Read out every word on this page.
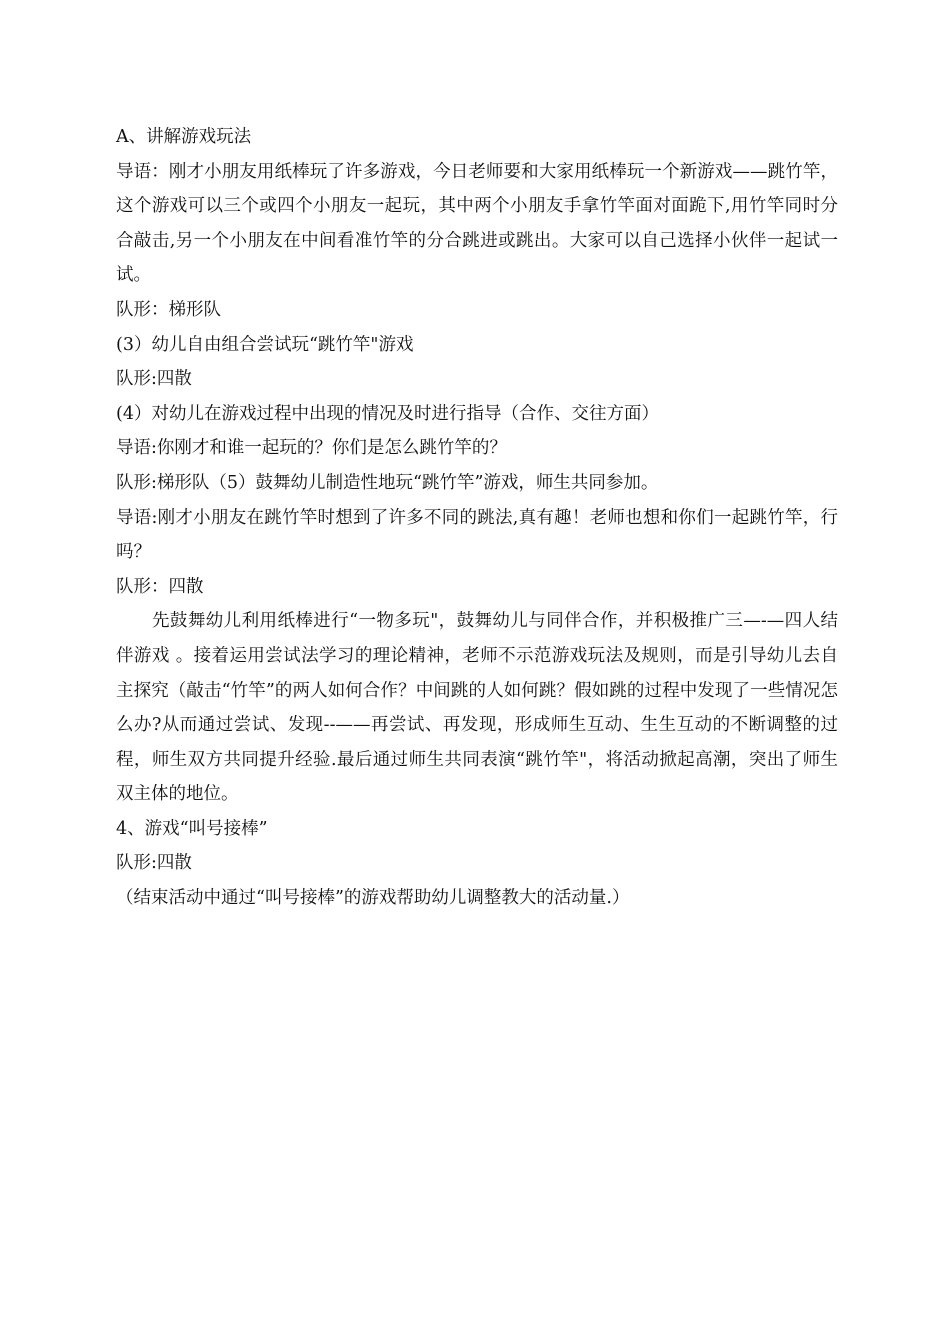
A、讲解游戏玩法

导语：刚才小朋友用纸棒玩了许多游戏，今日老师要和大家用纸棒玩一个新游戏——跳竹竿，这个游戏可以三个或四个小朋友一起玩，其中两个小朋友手拿竹竿面对面跪下,用竹竿同时分合敲击,另一个小朋友在中间看准竹竿的分合跳进或跳出。大家可以自己选择小伙伴一起试一试。

队形：梯形队

(3）幼儿自由组合尝试玩“跳竹竿"游戏

队形:四散

(4）对幼儿在游戏过程中出现的情况及时进行指导（合作、交往方面）

导语:你刚才和谁一起玩的？你们是怎么跳竹竿的？

队形:梯形队（5）鼓舞幼儿制造性地玩“跳竹竿”游戏，师生共同参加。

导语:刚才小朋友在跳竹竿时想到了许多不同的跳法,真有趣！老师也想和你们一起跳竹竿，行吗？

队形：四散

先鼓舞幼儿利用纸棒进行“一物多玩"，鼓舞幼儿与同伴合作，并积极推广三—-—四人结伴游戏 。接着运用尝试法学习的理论精神，老师不示范游戏玩法及规则，而是引导幼儿去自主探究（敲击“竹竿”的两人如何合作？中间跳的人如何跳？假如跳的过程中发现了一些情况怎么办?从而通过尝试、发现--——再尝试、再发现，形成师生互动、生生互动的不断调整的过程，师生双方共同提升经验.最后通过师生共同表演“跳竹竿"，将活动掀起高潮，突出了师生双主体的地位。

4、游戏“叫号接棒”

队形:四散

（结束活动中通过“叫号接棒”的游戏帮助幼儿调整教大的活动量.）
